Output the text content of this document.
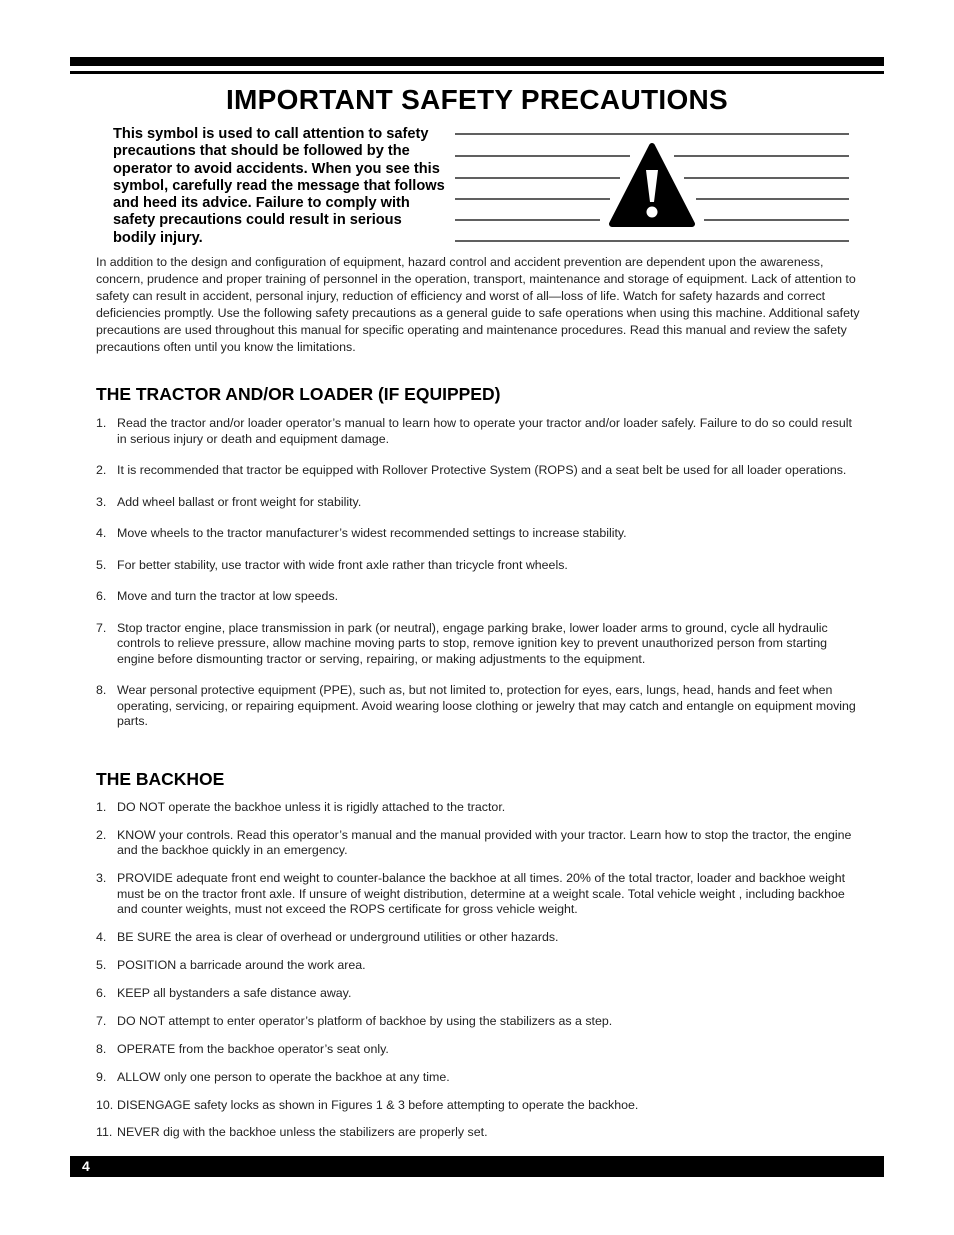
IMPORTANT SAFETY PRECAUTIONS

This symbol is used to call attention to safety precautions that should be followed by the operator to avoid accidents. When you see this symbol, carefully read the message that follows and heed its advice. Failure to comply with safety precautions could result in serious bodily injury.

In addition to the design and configuration of equipment, hazard control and accident prevention are dependent upon the awareness, concern, prudence and proper training of personnel in the operation, transport, maintenance and storage of equipment. Lack of attention to safety can result in accident, personal injury, reduction of efficiency and worst of all—loss of life. Watch for safety hazards and correct deficiencies promptly. Use the following safety precautions as a general guide to safe operations when using this machine. Additional safety precautions are used throughout this manual for specific operating and maintenance procedures. Read this manual and review the safety precautions often until you know the limitations.

THE TRACTOR AND/OR LOADER (IF EQUIPPED)
1. Read the tractor and/or loader operator’s manual to learn how to operate your tractor and/or loader safely. Failure to do so could result in serious injury or death and equipment damage.
2. It is recommended that tractor be equipped with Rollover Protective System (ROPS) and a seat belt be used for all loader operations.
3. Add wheel ballast or front weight for stability.
4. Move wheels to the tractor manufacturer’s widest recommended settings to increase stability.
5. For better stability, use tractor with wide front axle rather than tricycle front wheels.
6. Move and turn the tractor at low speeds.
7. Stop tractor engine, place transmission in park (or neutral), engage parking brake, lower loader arms to ground, cycle all hydraulic controls to relieve pressure, allow machine moving parts to stop, remove ignition key to prevent unauthorized person from starting engine before dismounting tractor or serving, repairing, or making adjustments to the equipment.
8. Wear personal protective equipment (PPE), such as, but not limited to, protection for eyes, ears, lungs, head, hands and feet when operating, servicing, or repairing equipment. Avoid wearing loose clothing or jewelry that may catch and entangle on equipment moving parts.
THE BACKHOE
1. DO NOT operate the backhoe unless it is rigidly attached to the tractor.
2. KNOW your controls. Read this operator’s manual and the manual provided with your tractor. Learn how to stop the tractor, the engine and the backhoe quickly in an emergency.
3. PROVIDE adequate front end weight to counter-balance the backhoe at all times. 20% of the total tractor, loader and backhoe weight must be on the tractor front axle. If unsure of weight distribution, determine at a weight scale. Total vehicle weight , including backhoe and counter weights, must not exceed the ROPS certificate for gross vehicle weight.
4. BE SURE the area is clear of overhead or underground utilities or other hazards.
5. POSITION a barricade around the work area.
6. KEEP all bystanders a safe distance away.
7. DO NOT attempt to enter operator’s platform of backhoe by using the stabilizers as a step.
8. OPERATE from the backhoe operator’s seat only.
9. ALLOW only one person to operate the backhoe at any time.
10. DISENGAGE safety locks as shown in Figures 1 & 3 before attempting to operate the backhoe.
11. NEVER dig with the backhoe unless the stabilizers are properly set.
4
